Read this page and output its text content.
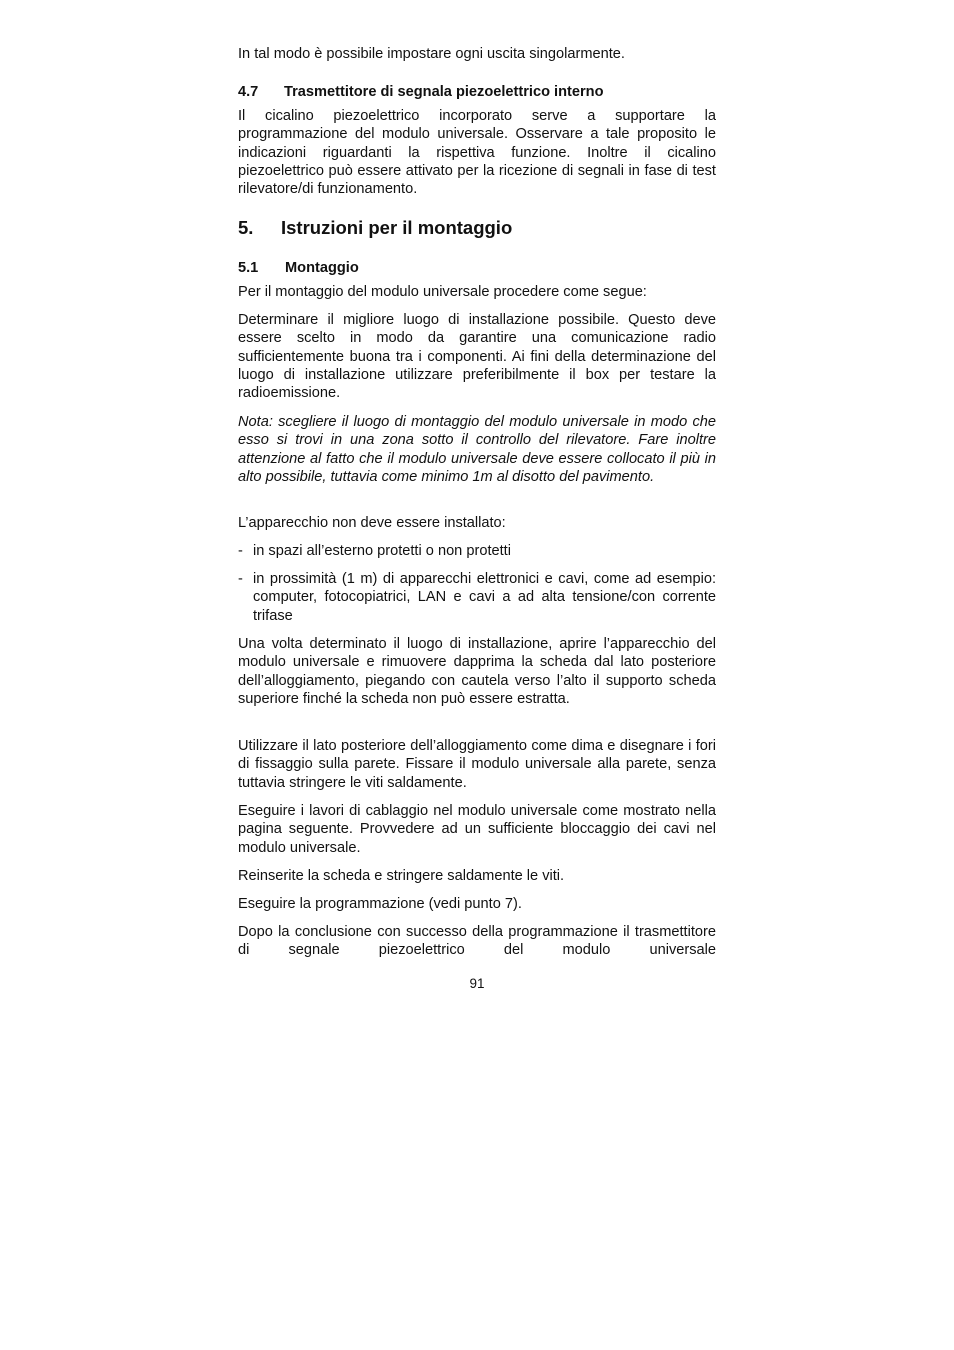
In tal modo è possibile impostare ogni uscita singolarmente.

4.7 Trasmettitore di segnala piezoelettrico interno

Il cicalino piezoelettrico incorporato serve a supportare la programmazione del modulo universale. Osservare a tale proposito le indicazioni riguardanti la rispettiva funzione. Inoltre il cicalino piezoelettrico può essere attivato per la ricezione di segnali in fase di test rilevatore/di funzionamento.

5. Istruzioni per il montaggio
5.1 Montaggio

Per il montaggio del modulo universale procedere come segue:

Determinare il migliore luogo di installazione possibile. Questo deve essere scelto in modo da garantire una comunicazione radio sufficientemente buona tra i componenti. Ai fini della determinazione del luogo di installazione utilizzare preferibilmente il box per testare la radioemissione.

Nota: scegliere il luogo di montaggio del modulo universale in modo che esso si trovi in una zona sotto il controllo del rilevatore. Fare inoltre attenzione al fatto che il modulo universale deve essere collocato il più in alto possibile, tuttavia come minimo 1m al disotto del pavimento.

L’apparecchio non deve essere installato:

- in spazi all’esterno protetti o non protetti

- in prossimità (1 m) di apparecchi elettronici e cavi, come ad esempio: computer, fotocopiatrici, LAN e cavi a ad alta tensione/con corrente trifase

Una volta determinato il luogo di installazione, aprire l’apparecchio del modulo universale e rimuovere dapprima la scheda dal lato posteriore dell’alloggiamento, piegando con cautela verso l’alto il supporto scheda superiore finché la scheda non può essere estratta.

Utilizzare il lato posteriore dell’alloggiamento come dima e disegnare i fori di fissaggio sulla parete. Fissare il modulo universale alla parete, senza tuttavia stringere le viti saldamente.

Eseguire i lavori di cablaggio nel modulo universale come mostrato nella pagina seguente. Provvedere ad un sufficiente bloccaggio dei cavi nel modulo universale.

Reinserite la scheda e stringere saldamente le viti.

Eseguire la programmazione (vedi punto 7).

Dopo la conclusione con successo della programmazione il trasmettitore di segnale piezoelettrico del modulo universale

91
